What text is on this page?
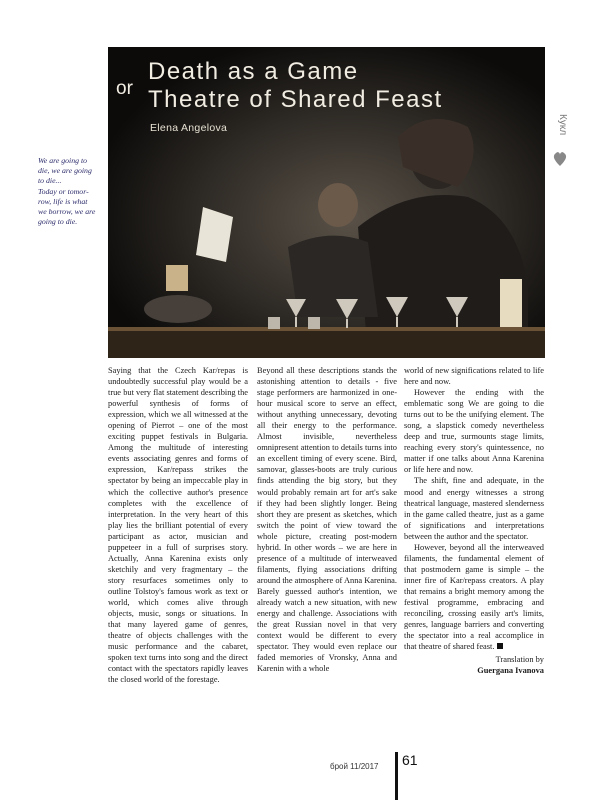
or
Death as a Game
Theatre of Shared Feast
Elena Angelova	Кукл
We are going to
die, we are going
to die...
Today or tomor-
row, life is what
we borrow, we are
going to die.

Saying that the Czech Kar/repas is undoubtedly successful play would be a true but very flat statement describing the powerful synthesis of forms of expression, which we all witnessed at the opening of Pierrot – one of the most exciting puppet festivals in Bulgaria. Among the multitude of interesting events associating genres and forms of expression, Kar/repass strikes the spectator by being an impeccable play in which the collective author's presence completes with the excellence of interpretation. In the very heart of this play lies the brilliant potential of every participant as actor, musician and puppeteer in a full of surprises story. Actually, Anna Karenina exists only sketchily and very fragmentary – the story resurfaces sometimes only to outline Tolstoy's famous work as text or world, which comes alive through objects, music, songs or situations. In that many layered game of genres, theatre of objects challenges with the music performance and the cabaret, spoken text turns into song and the direct contact with the spectators rapidly leaves the closed world of the forestage.

Beyond all these descriptions stands the astonishing attention to details - five stage performers are harmonized in one-hour musical score to serve an effect, without anything unnecessary, devoting all their energy to the performance. Almost invisible, nevertheless omnipresent attention to details turns into an excellent timing of every scene. Bird, samovar, glasses-boots are truly curious finds attending the big story, but they would probably remain art for art's sake if they had been slightly longer. Being short they are present as sketches, which switch the point of view toward the whole picture, creating post-modern hybrid. In other words – we are here in presence of a multitude of interweaved filaments, flying associations drifting around the atmosphere of Anna Karenina. Barely guessed author's intention, we already watch a new situation, with new energy and challenge. Associations with the great Russian novel in that very context would be different to every spectator. They would even replace our faded memories of Vronsky, Anna and Karenin with a whole

world of new significations related to life here and now.

However the ending with the emblematic song We are going to die turns out to be the unifying element. The song, a slapstick comedy nevertheless deep and true, surmounts stage limits, reaching every story's quintessence, no matter if one talks about Anna Karenina or life here and now.

The shift, fine and adequate, in the mood and energy witnesses a strong theatrical language, mastered slenderness in the game called theatre, just as a game of significations and interpretations between the author and the spectator.

However, beyond all the interweaved filaments, the fundamental element of that postmodern game is simple – the inner fire of Kar/repass creators. A play that remains a bright memory among the festival programme, embracing and reconciling, crossing easily art's limits, genres, language barriers and converting the spectator into a real accomplice in that theatre of shared feast.

Translation by
Guergana Ivanova
брой 11/2017 61
